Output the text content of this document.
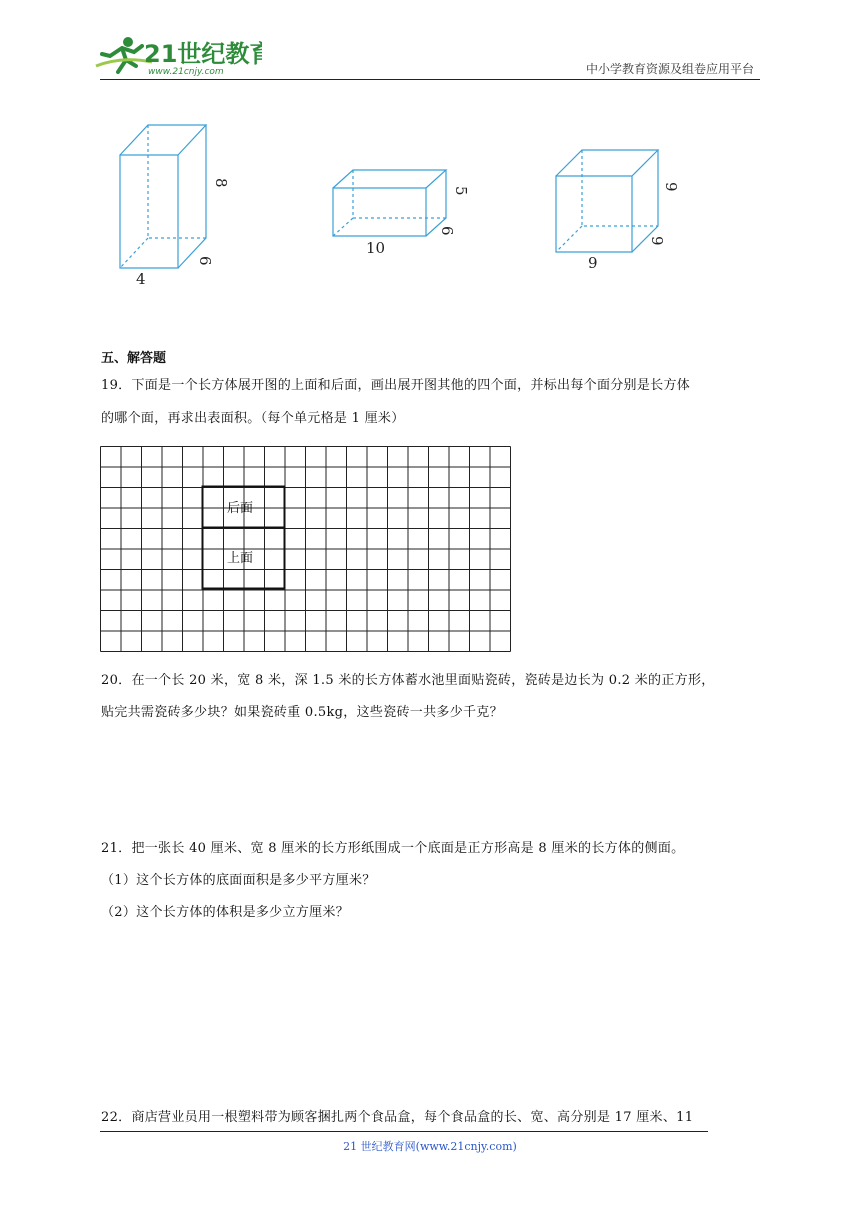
21世纪教育
www.21cnjy.com	中小学教育资源及组卷应用平台
8
6
4
5
6
10
9
9
9
五、解答题
19．下面是一个长方体展开图的上面和后面，画出展开图其他的四个面，并标出每个面分别是长方体
的哪个面，再求出表面积。（每个单元格是 1 厘米）
后面
上面
20．在一个长 20 米，宽 8 米，深 1.5 米的长方体蓄水池里面贴瓷砖，瓷砖是边长为 0.2 米的正方形，
贴完共需瓷砖多少块？如果瓷砖重 0.5kg，这些瓷砖一共多少千克？
21．把一张长 40 厘米、宽 8 厘米的长方形纸围成一个底面是正方形高是 8 厘米的长方体的侧面。
（1）这个长方体的底面面积是多少平方厘米？
（2）这个长方体的体积是多少立方厘米？
22．商店营业员用一根塑料带为顾客捆扎两个食品盒，每个食品盒的长、宽、高分别是 17 厘米、11
21 世纪教育网(www.21cnjy.com)
